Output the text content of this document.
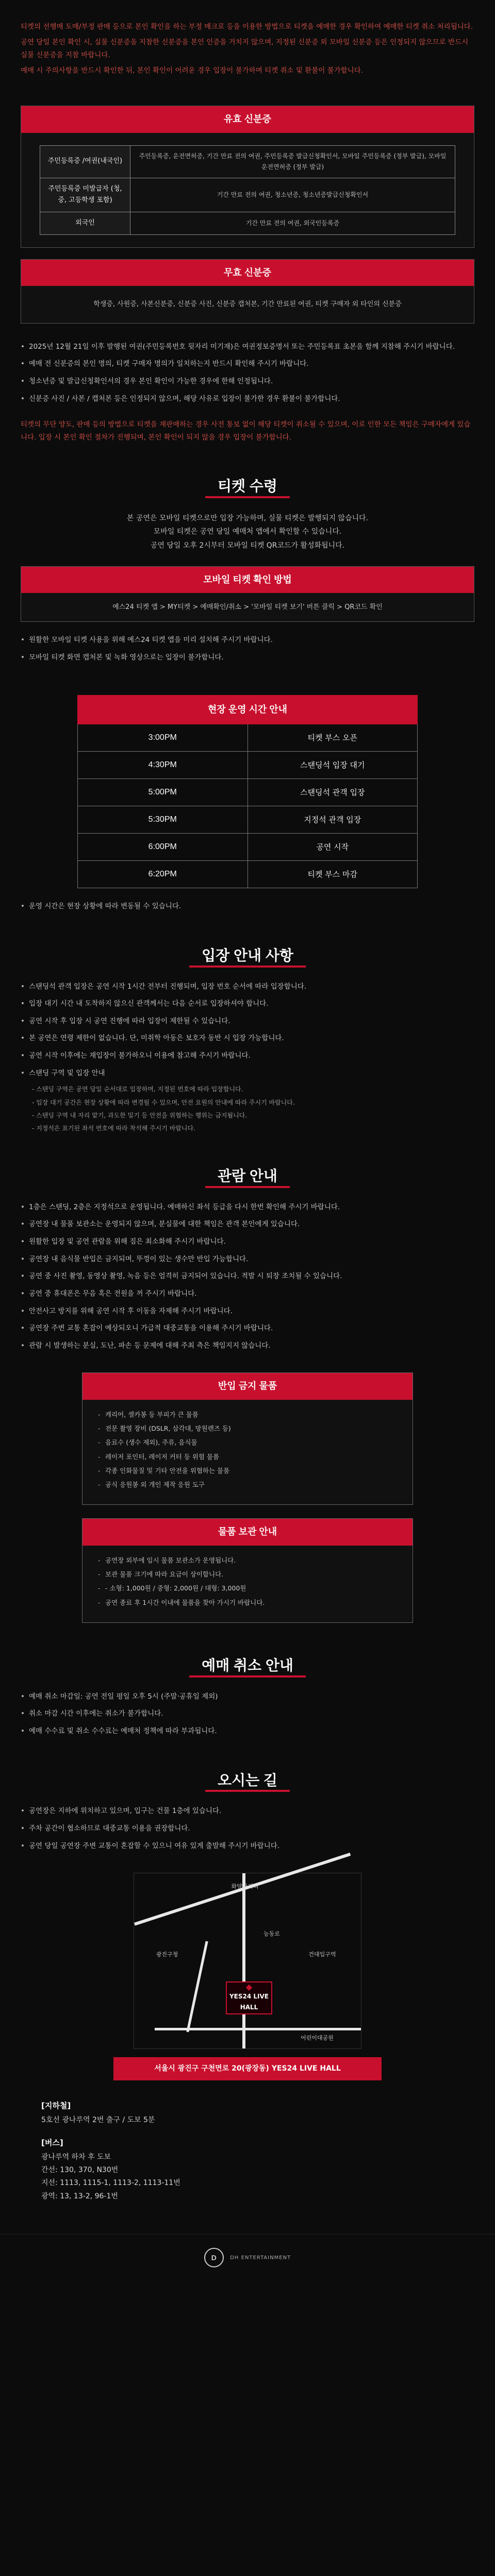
티켓의 선행매 도매/부정 판매 등으로 본인 확인을 하는 부정 매크로 등을 이용한 방법으로 티켓을 예매한 경우 확인하여 예매한 티켓 취소 처리됩니다.

공연 당일 본인 확인 시, 실물 신분증을 지참한 신분증을 본인 인증을 거치지 않으며, 지정된 신분증 외 모바일 신분증 등은 인정되지 않으므로 반드시 실물 신분증을 지참 바랍니다.

예매 시 주의사항을 반드시 확인한 뒤, 본인 확인이 어려운 경우 입장이 불가하며 티켓 취소 및 환불이 불가합니다.

유효 신분증
주민등록증 /여권(내국인)	주민등록증, 운전면허증, 기간 만료 전의 여권, 주민등록증 발급신청확인서, 모바일 주민등록증 (정부 발급), 모바일 운전면허증 (정부 발급)
주민등록증 미발급자 (청, 중, 고등학생 포함)	기간 만료 전의 여권, 청소년증, 청소년증발급신청확인서
외국인	기간 만료 전의 여권, 외국인등록증
무효 신분증
학생증, 사원증, 사본신분증, 신분증 사진, 신분증 캡처본, 기간 만료된 여권, 티켓 구매자 외 타인의 신분증
• 2025년 12월 21일 이후 발행된 여권(주민등록번호 뒷자리 미기재)은 여권정보증명서 또는 주민등록표 초본을 함께 지참해 주시기 바랍니다.
• 예매 전 신분증의 본인 명의, 티켓 구매자 명의가 일치하는지 반드시 확인해 주시기 바랍니다.
• 청소년증 및 발급신청확인서의 경우 본인 확인이 가능한 경우에 한해 인정됩니다.
• 신분증 사진 / 사본 / 캡처본 등은 인정되지 않으며, 해당 사유로 입장이 불가한 경우 환불이 불가합니다.
티켓의 무단 양도, 판매 등의 방법으로 티켓을 재판매하는 경우 사전 통보 없이 해당 티켓이 취소될 수 있으며, 이로 인한 모든 책임은 구매자에게 있습니다. 입장 시 본인 확인 절차가 진행되며, 본인 확인이 되지 않을 경우 입장이 불가합니다.
티켓 수령
본 공연은 모바일 티켓으로만 입장 가능하며, 실물 티켓은 발행되지 않습니다.
모바일 티켓은 공연 당일 예매처 앱에서 확인할 수 있습니다.
공연 당일 오후 2시부터 모바일 티켓 QR코드가 활성화됩니다.
모바일 티켓 확인 방법
예스24 티켓 앱 > MY티켓 > 예매확인/취소 > '모바일 티켓 보기' 버튼 클릭 > QR코드 확인
• 원활한 모바일 티켓 사용을 위해 예스24 티켓 앱을 미리 설치해 주시기 바랍니다.
• 모바일 티켓 화면 캡처본 및 녹화 영상으로는 입장이 불가합니다.
현장 운영 시간 안내	
3:00PM	티켓 부스 오픈
4:30PM	스탠딩석 입장 대기
5:00PM	스탠딩석 관객 입장
5:30PM	지정석 관객 입장
6:00PM	공연 시작
6:20PM	티켓 부스 마감
• 운영 시간은 현장 상황에 따라 변동될 수 있습니다.
입장 안내 사항
• 스탠딩석 관객 입장은 공연 시작 1시간 전부터 진행되며, 입장 번호 순서에 따라 입장합니다.
• 입장 대기 시간 내 도착하지 않으신 관객께서는 다음 순서로 입장하셔야 합니다.
• 공연 시작 후 입장 시 공연 진행에 따라 입장이 제한될 수 있습니다.
• 본 공연은 연령 제한이 없습니다. 단, 미취학 아동은 보호자 동반 시 입장 가능합니다.
• 공연 시작 이후에는 재입장이 불가하오니 이용에 참고해 주시기 바랍니다.
• 스탠딩 구역 및 입장 안내
- 스탠딩 구역은 공연 당일 순서대로 입장하며, 지정된 번호에 따라 입장합니다.
- 입장 대기 공간은 현장 상황에 따라 변경될 수 있으며, 안전 요원의 안내에 따라 주시기 바랍니다.
- 스탠딩 구역 내 자리 맡기, 과도한 밀기 등 안전을 위협하는 행위는 금지됩니다.
- 지정석은 표기된 좌석 번호에 따라 착석해 주시기 바랍니다.
관람 안내
• 1층은 스탠딩, 2층은 지정석으로 운영됩니다. 예매하신 좌석 등급을 다시 한번 확인해 주시기 바랍니다.
• 공연장 내 물품 보관소는 운영되지 않으며, 분실물에 대한 책임은 관객 본인에게 있습니다.
• 원활한 입장 및 공연 관람을 위해 짐은 최소화해 주시기 바랍니다.
• 공연장 내 음식물 반입은 금지되며, 뚜껑이 있는 생수만 반입 가능합니다.
• 공연 중 사진 촬영, 동영상 촬영, 녹음 등은 엄격히 금지되어 있습니다. 적발 시 퇴장 조치될 수 있습니다.
• 공연 중 휴대폰은 무음 혹은 전원을 꺼 주시기 바랍니다.
• 안전사고 방지를 위해 공연 시작 후 이동을 자제해 주시기 바랍니다.
• 공연장 주변 교통 혼잡이 예상되오니 가급적 대중교통을 이용해 주시기 바랍니다.
• 관람 시 발생하는 분실, 도난, 파손 등 문제에 대해 주최 측은 책임지지 않습니다.
반입 금지 물품
- 캐리어, 셀카봉 등 부피가 큰 물품
- 전문 촬영 장비 (DSLR, 삼각대, 망원렌즈 등)
- 음료수 (생수 제외), 주류, 음식물
- 레이저 포인터, 레이저 커터 등 위험 물품
- 각종 인화물질 및 기타 안전을 위협하는 물품
- 공식 응원봉 외 개인 제작 응원 도구
물품 보관 안내
- 공연장 외부에 임시 물품 보관소가 운영됩니다.
- 보관 물품 크기에 따라 요금이 상이합니다.
- - 소형: 1,000원 / 중형: 2,000원 / 대형: 3,000원
- 공연 종료 후 1시간 이내에 물품을 찾아 가시기 바랍니다.
예매 취소 안내
• 예매 취소 마감일: 공연 전일 평일 오후 5시 (주말·공휴일 제외)
• 취소 마감 시간 이후에는 취소가 불가합니다.
• 예매 수수료 및 취소 수수료는 예매처 정책에 따라 부과됩니다.
오시는 길
• 공연장은 지하에 위치하고 있으며, 입구는 건물 1층에 있습니다.
• 주차 공간이 협소하므로 대중교통 이용을 권장합니다.
• 공연 당일 공연장 주변 교통이 혼잡할 수 있으니 여유 있게 출발해 주시기 바랍니다.
화양사거리
광진구청	건대입구역
능동로
어린이대공원
◆
YES24 LIVE HALL
서울시 광진구 구천면로 20(광장동) YES24 LIVE HALL
[지하철]

5호선 광나루역 2번 출구 / 도보 5분

[버스]

광나루역 하차 후 도보

간선: 130, 370, N30번

지선: 1113, 1115-1, 1113-2, 1113-11번

광역: 13, 13-2, 96-1번

D	DH ENTERTAINMENT
